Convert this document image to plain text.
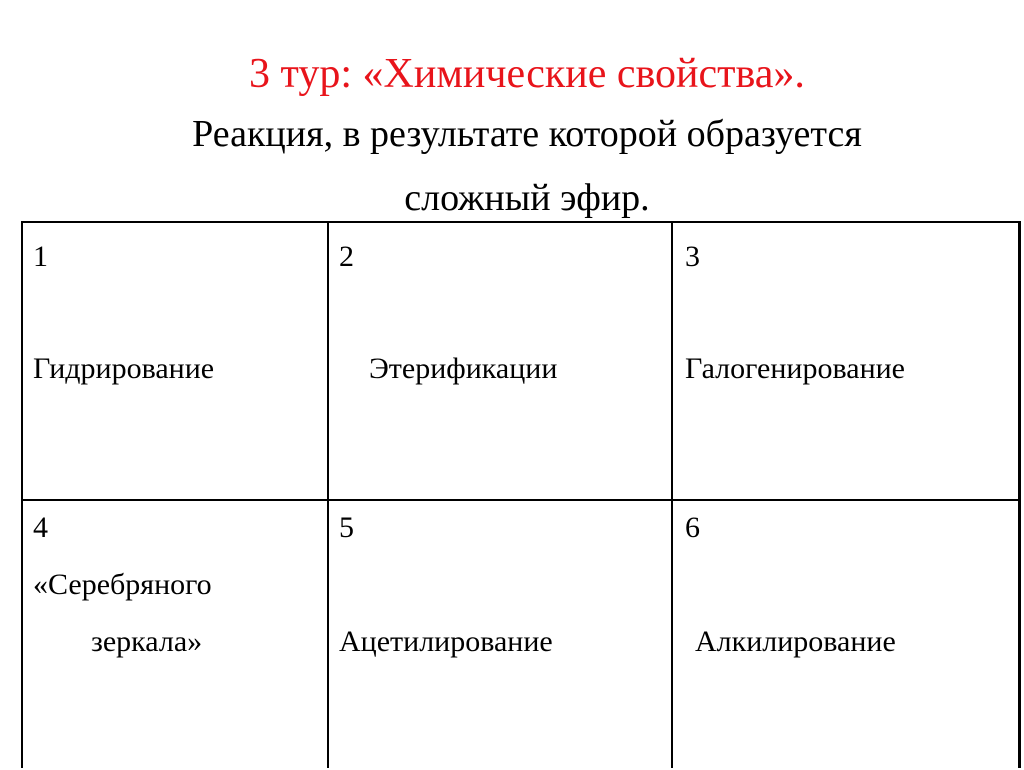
3 тур: «Химические свойства».
Реакция, в результате которой образуется
сложный эфир.
1
Гидрирование
2
Этерификации
3
Галогенирование
4
«Серебряного
зеркала»
5
Ацетилирование
6
Алкилирование
